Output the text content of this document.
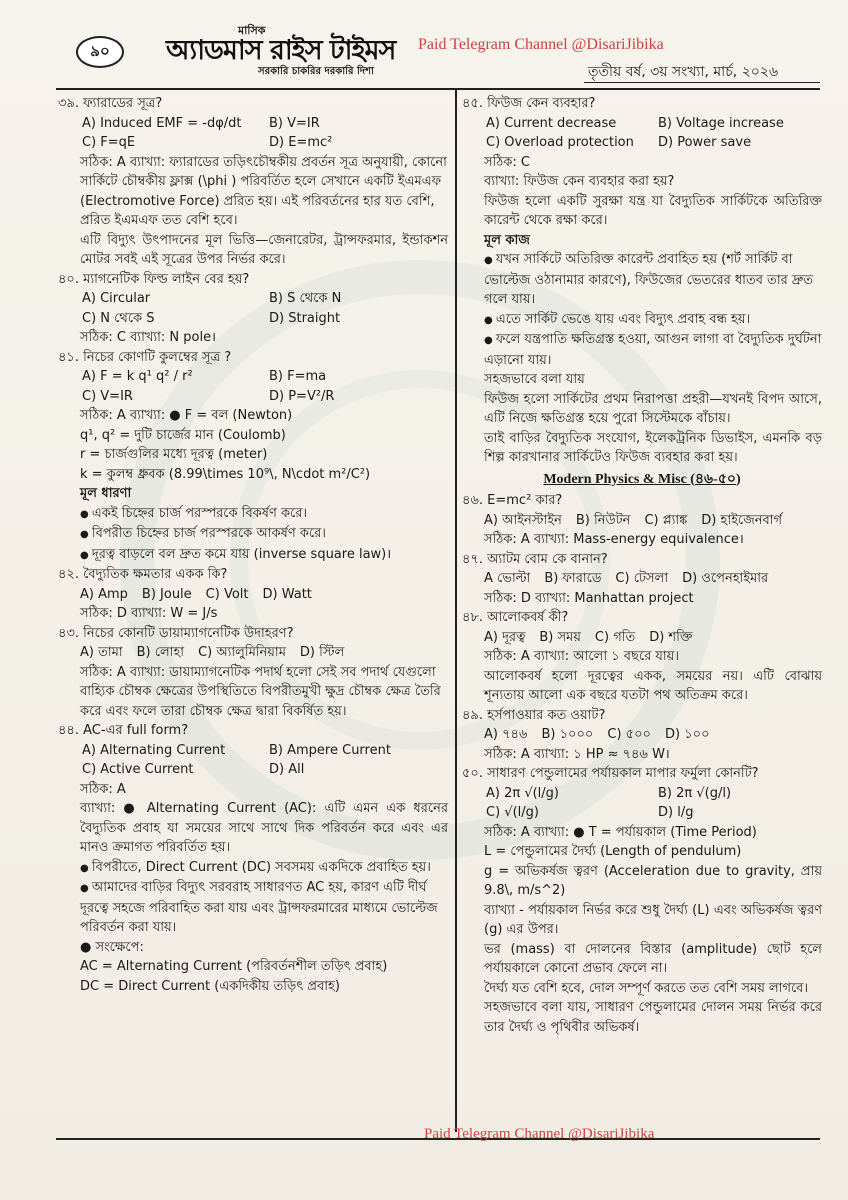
৯০
মাসিক
অ্যাডমাস রাইস টাইমস
সরকারি চাকরির দরকারি দিশা
Paid Telegram Channel @DisariJibika
তৃতীয় বর্ষ, ৩য় সংখ্যা, মার্চ, ২০২৬
৩৯. ফ্যারাডের সূত্র?
A) Induced EMF = -dφ/dt	B) V=IR
C) F=qE	D) E=mc²
সঠিক: A ব্যাখ্যা: ফ্যারাডের তড়িৎচৌম্বকীয় প্রবর্তন সূত্র অনুযায়ী, কোনো সার্কিটে চৌম্বকীয় ফ্লাক্স (\phi ) পরিবর্তিত হলে সেখানে একটি ইএমএফ (Electromotive Force) প্ররিত হয়। এই পরিবর্তনের হার যত বেশি, প্ররিত ইএমএফ তত বেশি হবে।
এটি বিদ্যুৎ উৎপাদনের মূল ভিত্তি—জেনারেটর, ট্রান্সফরমার, ইন্ডাকশন মোটর সবই এই সূত্রের উপর নির্ভর করে।
৪০. ম্যাগনেটিক ফিল্ড লাইন বের হয়?
A) Circular	B) S থেকে N
C) N থেকে S	D) Straight
সঠিক: C ব্যাখ্যা: N pole।
৪১. নিচের কোণটি কুলম্বের সূত্র ?
A) F = k q¹ q² / r²	B) F=ma
C) V=IR	D) P=V²/R
সঠিক: A ব্যাখ্যা: ● F = বল (Newton)
q¹, q² = দুটি চার্জের মান (Coulomb)
r = চার্জগুলির মধ্যে দূরত্ব (meter)
k = কুলম্ব ধ্রুবক (8.99\times 10⁹\, N\cdot m²/C²)
মূল ধারণা
● একই চিহ্নের চার্জ পরস্পরকে বিকর্ষণ করে।
● বিপরীত চিহ্নের চার্জ পরস্পরকে আকর্ষণ করে।
● দূরত্ব বাড়লে বল দ্রুত কমে যায় (inverse square law)।
৪২. বৈদ্যুতিক ক্ষমতার একক কি?
A) Amp B) Joule C) Volt D) Watt
সঠিক: D ব্যাখ্যা: W = J/s
৪৩. নিচের কোনটি ডায়াম্যাগনেটিক উদাহরণ?
A) তামা B) লোহা C) অ্যালুমিনিয়াম D) স্টিল
সঠিক: A ব্যাখ্যা: ডায়াম্যাগনেটিক পদার্থ হলো সেই সব পদার্থ যেগুলো বাহ্যিক চৌম্বক ক্ষেত্রের উপস্থিতিতে বিপরীতমুখী ক্ষুদ্র চৌম্বক ক্ষেত্র তৈরি করে এবং ফলে তারা চৌম্বক ক্ষেত্র দ্বারা বিকর্ষিত হয়।
৪৪. AC-এর full form?
A) Alternating Current	B) Ampere Current
C) Active Current	D) All
সঠিক: A
ব্যাখ্যা: ● Alternating Current (AC): এটি এমন এক ধরনের বৈদ্যুতিক প্রবাহ যা সময়ের সাথে সাথে দিক পরিবর্তন করে এবং এর মানও ক্রমাগত পরিবর্তিত হয়।
● বিপরীতে, Direct Current (DC) সবসময় একদিকে প্রবাহিত হয়।
● আমাদের বাড়ির বিদ্যুৎ সরবরাহ সাধারণত AC হয়, কারণ এটি দীর্ঘ দূরত্বে সহজে পরিবাহিত করা যায় এবং ট্রান্সফরমারের মাধ্যমে ভোল্টেজ পরিবর্তন করা যায়।
● সংক্ষেপে:
AC = Alternating Current (পরিবর্তনশীল তড়িৎ প্রবাহ)
DC = Direct Current (একদিকীয় তড়িৎ প্রবাহ)
৪৫. ফিউজ কেন ব্যবহার?
A) Current decrease	B) Voltage increase
C) Overload protection	D) Power save
সঠিক: C
ব্যাখ্যা: ফিউজ কেন ব্যবহার করা হয়?
ফিউজ হলো একটি সুরক্ষা যন্ত্র যা বৈদ্যুতিক সার্কিটকে অতিরিক্ত কারেন্ট থেকে রক্ষা করে।
মূল কাজ
● যখন সার্কিটে অতিরিক্ত কারেন্ট প্রবাহিত হয় (শর্ট সার্কিট বা ভোল্টেজ ওঠানামার কারণে), ফিউজের ভেতরের ধাতব তার দ্রুত গলে যায়।
● এতে সার্কিট ভেঙে যায় এবং বিদ্যুৎ প্রবাহ বন্ধ হয়।
● ফলে যন্ত্রপাতি ক্ষতিগ্রস্ত হওয়া, আগুন লাগা বা বৈদ্যুতিক দুর্ঘটনা এড়ানো যায়।
সহজভাবে বলা যায়
ফিউজ হলো সার্কিটের প্রথম নিরাপত্তা প্রহরী—যখনই বিপদ আসে, এটি নিজে ক্ষতিগ্রস্ত হয়ে পুরো সিস্টেমকে বাঁচায়।
তাই বাড়ির বৈদ্যুতিক সংযোগ, ইলেকট্রনিক ডিভাইস, এমনকি বড় শিল্প কারখানার সার্কিটেও ফিউজ ব্যবহার করা হয়।
Modern Physics & Misc (৪৬-৫০)
৪৬. E=mc² কার?
A) আইনস্টাইন B) নিউটন C) প্ল্যাঙ্ক D) হাইজেনবার্গ
সঠিক: A ব্যাখ্যা: Mass-energy equivalence।
৪৭. অ্যাটম বোম কে বানান?
A ভোল্টা B) ফারাডে C) টেসলা D) ওপেনহাইমার
সঠিক: D ব্যাখ্যা: Manhattan project
৪৮. আলোকবর্ষ কী?
A) দূরত্ব B) সময় C) গতি D) শক্তি
সঠিক: A ব্যাখ্যা: আলো ১ বছরে যায়।
আলোকবর্ষ হলো দূরত্বের একক, সময়ের নয়। এটি বোঝায় শূন্যতায় আলো এক বছরে যতটা পথ অতিক্রম করে।
৪৯. হর্সপাওয়ার কত ওয়াট?
A) ৭৪৬ B) ১০০০ C) ৫০০ D) ১০০
সঠিক: A ব্যাখ্যা: ১ HP ≈ ৭৪৬ W।
৫০. সাধারণ পেন্ডুলামের পর্যায়কাল মাপার ফর্মুলা কোনটি?
A) 2π √(l/g)	B) 2π √(g/l)
C) √(l/g)	D) l/g
সঠিক: A ব্যাখ্যা: ● T = পর্যায়কাল (Time Period)
L = পেন্ডুলামের দৈর্ঘ্য (Length of pendulum)
g = অভিকর্ষজ ত্বরণ (Acceleration due to gravity, প্রায় 9.8\, m/s^2)
ব্যাখ্যা - পর্যায়কাল নির্ভর করে শুধু দৈর্ঘ্য (L) এবং অভিকর্ষজ ত্বরণ (g) এর উপর।
ভর (mass) বা দোলনের বিস্তার (amplitude) ছোট হলে পর্যায়কালে কোনো প্রভাব ফেলে না।
দৈর্ঘ্য যত বেশি হবে, দোল সম্পূর্ণ করতে তত বেশি সময় লাগবে।
সহজভাবে বলা যায়, সাধারণ পেন্ডুলামের দোলন সময় নির্ভর করে তার দৈর্ঘ্য ও পৃথিবীর অভিকর্ষ।
Paid Telegram Channel @DisariJibika
